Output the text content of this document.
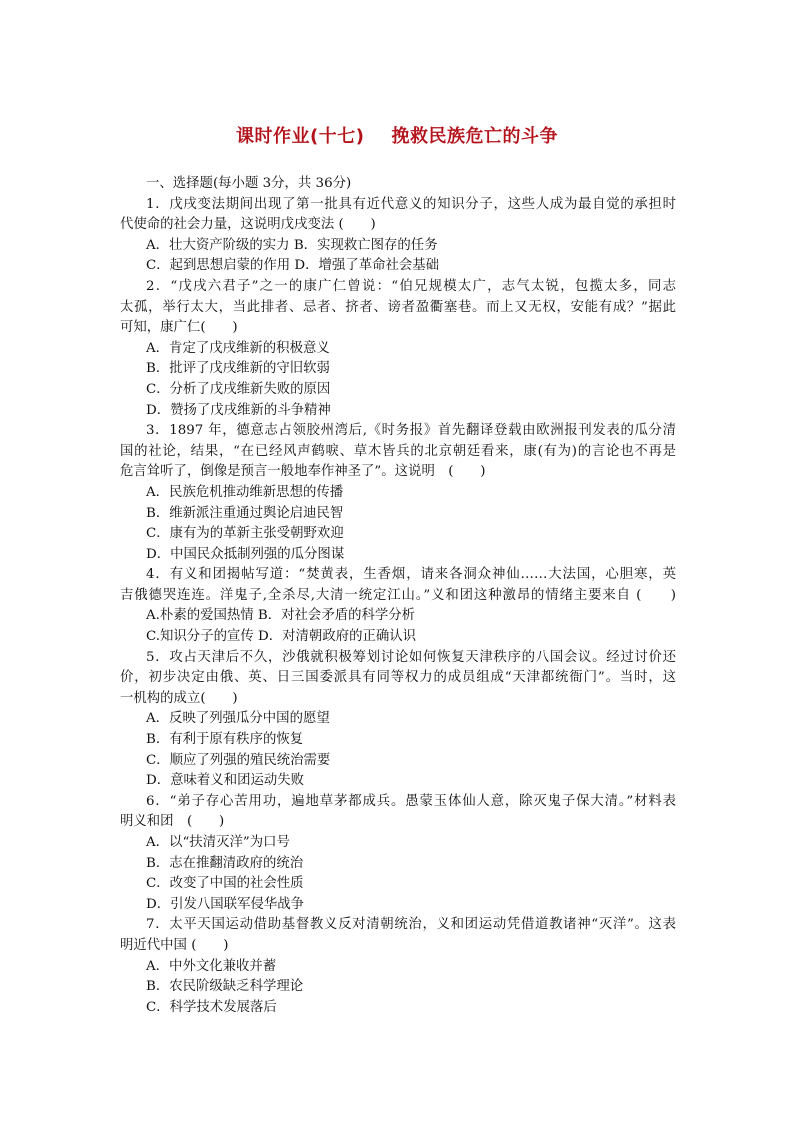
课时作业(十七)    挽救民族危亡的斗争
一、选择题(每小题 3分，共 36分)
1．戊戌变法期间出现了第一批具有近代意义的知识分子，这些人成为最自觉的承担时
代使命的社会力量，这说明戊戌变法 (　　)
A．壮大资产阶级的实力 B．实现救亡图存的任务
C．起到思想启蒙的作用 D．增强了革命社会基础
2．“戊戌六君子”之一的康广仁曾说：“伯兄规模太广，志气太锐，包揽太多，同志
太孤，举行太大，当此排者、忌者、挤者、谤者盈衢塞巷。而上又无权，安能有成？”据此
可知，康广仁(　　)
A．肯定了戊戌维新的积极意义
B．批评了戊戌维新的守旧软弱
C．分析了戊戌维新失败的原因
D．赞扬了戊戌维新的斗争精神
3．1897 年，德意志占领胶州湾后,《时务报》首先翻译登载由欧洲报刊发表的瓜分清
国的社论，结果，“在已经风声鹤唳、草木皆兵的北京朝廷看来，康(有为)的言论也不再是
危言耸听了，倒像是预言一般地奉作神圣了”。这说明　(　　)
A．民族危机推动维新思想的传播
B．维新派注重通过舆论启迪民智
C．康有为的革新主张受朝野欢迎
D．中国民众抵制列强的瓜分图谋
4．有义和团揭帖写道：“焚黄表，生香烟，请来各洞众神仙……大法国，心胆寒，英
吉俄德哭连连。洋鬼子,全杀尽,大清一统定江山。”义和团这种激昂的情绪主要来自 (　　)
A.朴素的爱国热情 B．对社会矛盾的科学分析
C.知识分子的宣传 D．对清朝政府的正确认识
5．攻占天津后不久，沙俄就积极筹划讨论如何恢复天津秩序的八国会议。经过讨价还
价，初步决定由俄、英、日三国委派具有同等权力的成员组成“天津都统衙门”。当时，这
一机构的成立(　　)
A．反映了列强瓜分中国的愿望
B．有利于原有秩序的恢复
C．顺应了列强的殖民统治需要
D．意味着义和团运动失败
6．“弟子存心苦用功，遍地草茅都成兵。愚蒙玉体仙人意，除灭鬼子保大清。”材料表
明义和团　(　　)
A．以“扶清灭洋”为口号
B．志在推翻清政府的统治
C．改变了中国的社会性质
D．引发八国联军侵华战争
7．太平天国运动借助基督教义反对清朝统治，义和团运动凭借道教诸神“灭洋”。这表
明近代中国 (　　)
A．中外文化兼收并蓄
B．农民阶级缺乏科学理论
C．科学技术发展落后
